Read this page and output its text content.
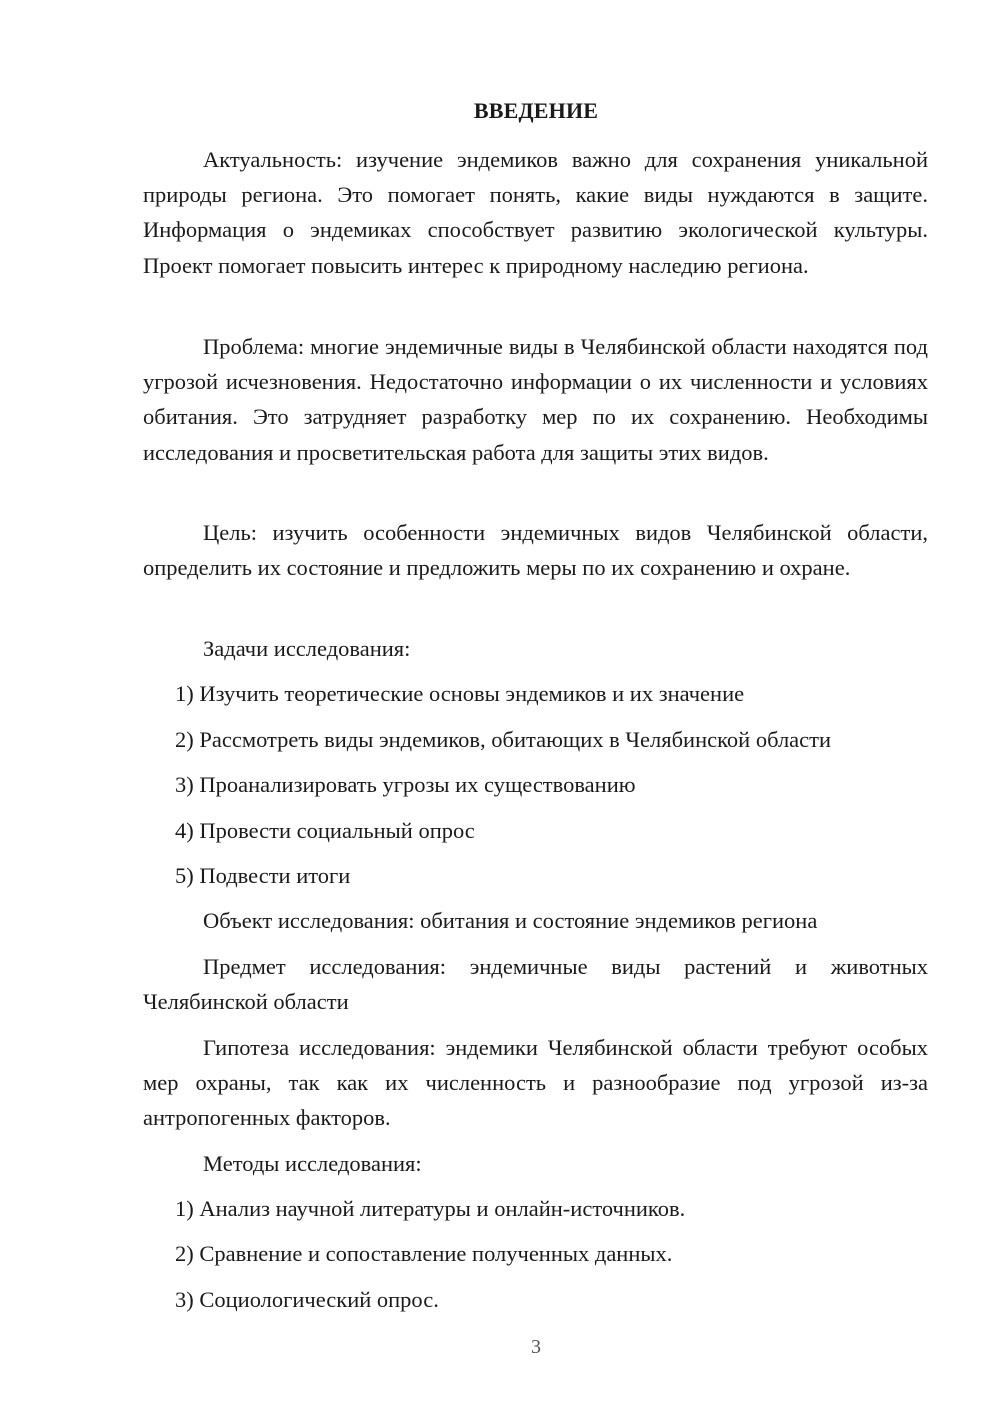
ВВЕДЕНИЕ

Актуальность: изучение эндемиков важно для сохранения уникальной природы региона. Это помогает понять, какие виды нуждаются в защите. Информация о эндемиках способствует развитию экологической культуры. Проект помогает повысить интерес к природному наследию региона.

Проблема: многие эндемичные виды в Челябинской области находятся под угрозой исчезновения. Недостаточно информации о их численности и условиях обитания. Это затрудняет разработку мер по их сохранению. Необходимы исследования и просветительская работа для защиты этих видов.

Цель: изучить особенности эндемичных видов Челябинской области, определить их состояние и предложить меры по их сохранению и охране.

Задачи исследования:

1) Изучить теоретические основы эндемиков и их значение

2) Рассмотреть виды эндемиков, обитающих в Челябинской области

3) Проанализировать угрозы их существованию

4) Провести социальный опрос

5) Подвести итоги

Объект исследования: обитания и состояние эндемиков региона

Предмет исследования: эндемичные виды растений и животных Челябинской области

Гипотеза исследования: эндемики Челябинской области требуют особых мер охраны, так как их численность и разнообразие под угрозой из-за антропогенных факторов.

Методы исследования:

1) Анализ научной литературы и онлайн-источников.

2) Сравнение и сопоставление полученных данных.

3) Социологический опрос.

3
